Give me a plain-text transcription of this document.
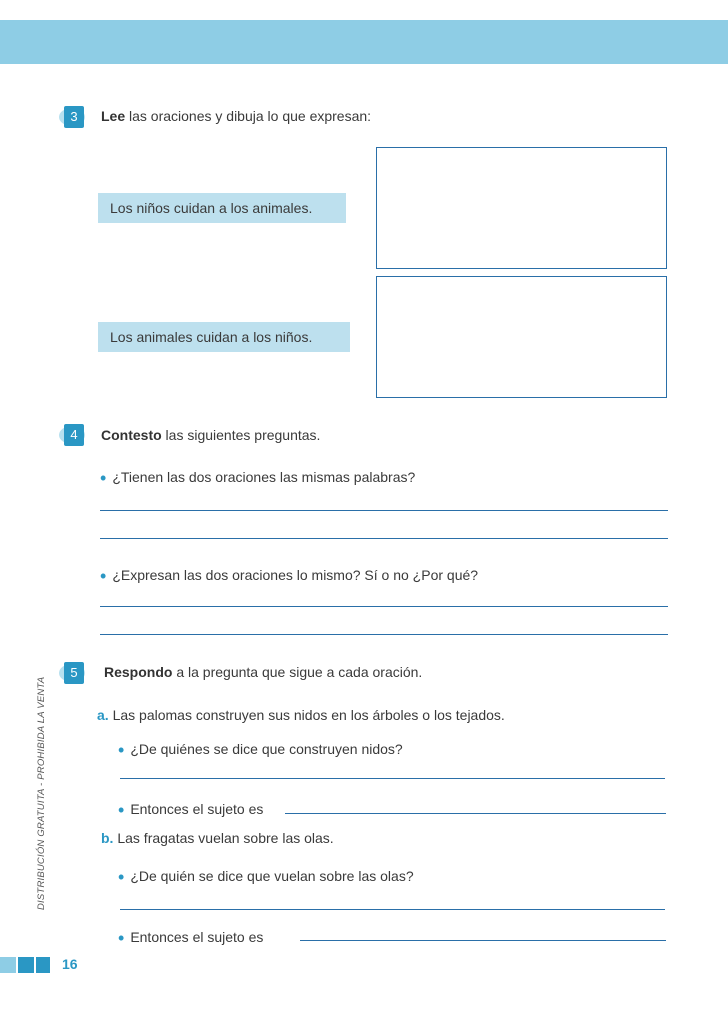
3	Lee las oraciones y dibuja lo que expresan:
Los niños cuidan a los animales.
Los animales cuidan a los niños.
4	Contesto las siguientes preguntas.
• ¿Tienen las dos oraciones las mismas palabras?
• ¿Expresan las dos oraciones lo mismo? Sí o no ¿Por qué?
5	Respondo a la pregunta que sigue a cada oración.
a. Las palomas construyen sus nidos en los árboles o los tejados.
• ¿De quiénes se dice que construyen nidos?
• Entonces el sujeto es
b. Las fragatas vuelan sobre las olas.
• ¿De quién se dice que vuelan sobre las olas?
• Entonces el sujeto es
DISTRIBUCIÓN GRATUITA - PROHIBIDA LA VENTA
16
